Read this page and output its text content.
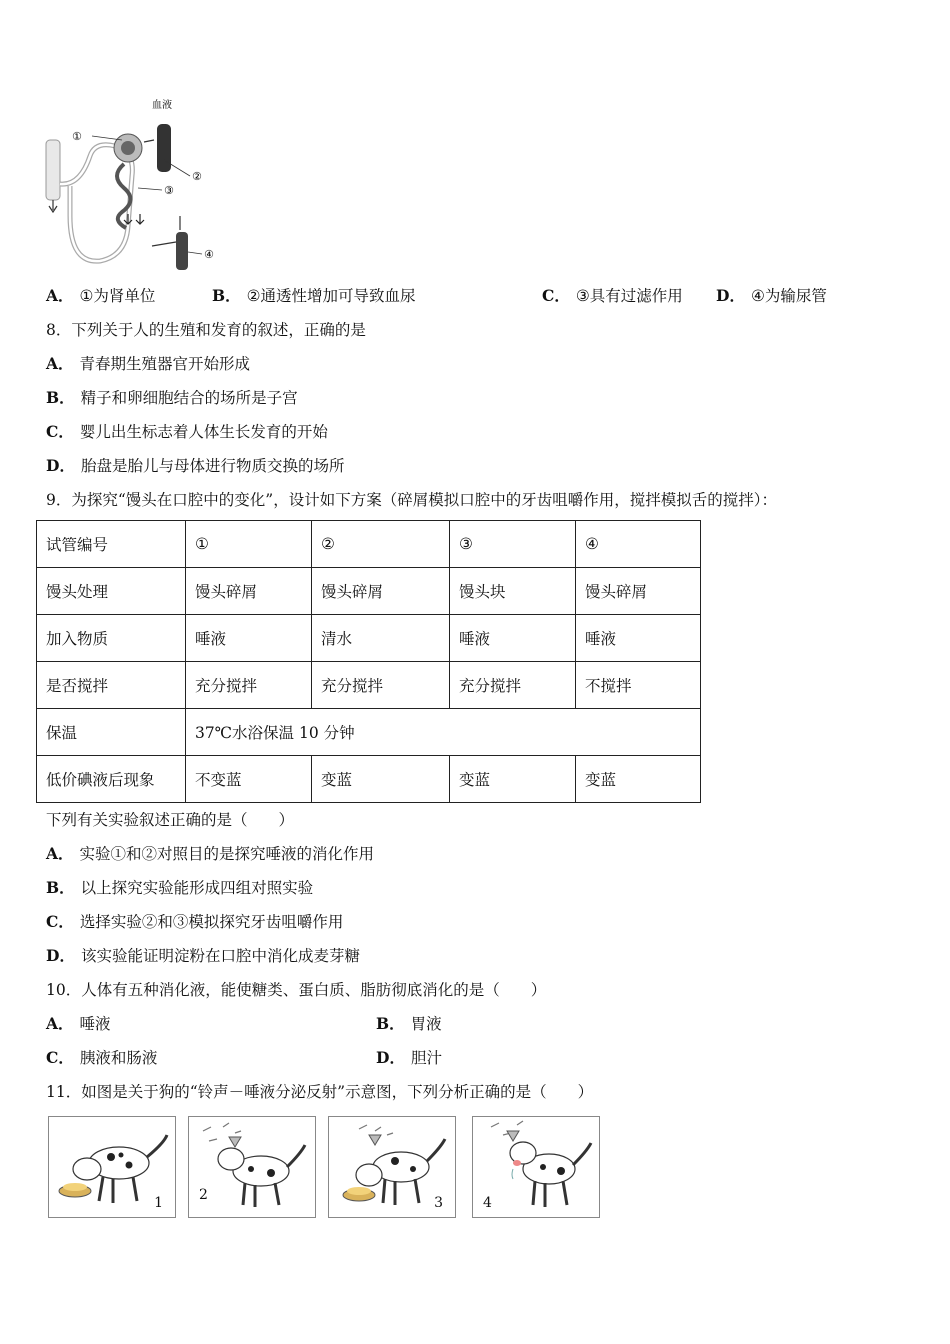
血液
①
②
③
④
A． ①为肾单位	B． ②通透性增加可导致血尿	C． ③具有过滤作用 D． ④为输尿管
8．下列关于人的生殖和发育的叙述，正确的是
A． 青春期生殖器官开始形成
B． 精子和卵细胞结合的场所是子宫
C． 婴儿出生标志着人体生长发育的开始
D． 胎盘是胎儿与母体进行物质交换的场所
9．为探究“馒头在口腔中的变化”，设计如下方案（碎屑模拟口腔中的牙齿咀嚼作用，搅拌模拟舌的搅拌）：
试管编号	①	②	③	④
馒头处理	馒头碎屑	馒头碎屑	馒头块	馒头碎屑
加入物质	唾液	清水	唾液	唾液
是否搅拌	充分搅拌	充分搅拌	充分搅拌	不搅拌
保温	37℃水浴保温 10 分钟			
低价碘液后现象	不变蓝	变蓝	变蓝	变蓝
下列有关实验叙述正确的是（　　）
A． 实验①和②对照目的是探究唾液的消化作用
B． 以上探究实验能形成四组对照实验
C． 选择实验②和③模拟探究牙齿咀嚼作用
D． 该实验能证明淀粉在口腔中消化成麦芽糖
10．人体有五种消化液，能使糖类、蛋白质、脂肪彻底消化的是（　　）
A． 唾液	B． 胃液
C． 胰液和肠液	D． 胆汁
11．如图是关于狗的“铃声－唾液分泌反射”示意图，下列分析正确的是（　　）
1	2	3	4
